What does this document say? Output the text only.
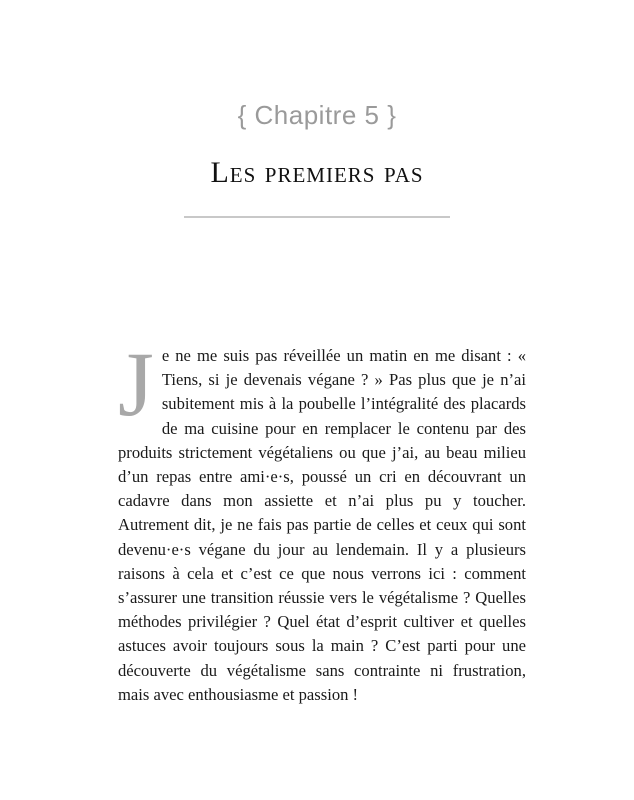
{ Chapitre 5 }
Les premiers pas
Je ne me suis pas réveillée un matin en me disant : « Tiens, si je devenais végane ? » Pas plus que je n’ai subitement mis à la poubelle l’intégralité des placards de ma cuisine pour en remplacer le contenu par des produits strictement végétaliens ou que j’ai, au beau milieu d’un repas entre ami·e·s, poussé un cri en découvrant un cadavre dans mon assiette et n’ai plus pu y toucher. Autrement dit, je ne fais pas partie de celles et ceux qui sont devenu·e·s végane du jour au lendemain. Il y a plusieurs raisons à cela et c’est ce que nous verrons ici : comment s’assurer une transition réussie vers le végétalisme ? Quelles méthodes privilégier ? Quel état d’esprit cultiver et quelles astuces avoir toujours sous la main ? C’est parti pour une découverte du végétalisme sans contrainte ni frustration, mais avec enthousiasme et passion !
